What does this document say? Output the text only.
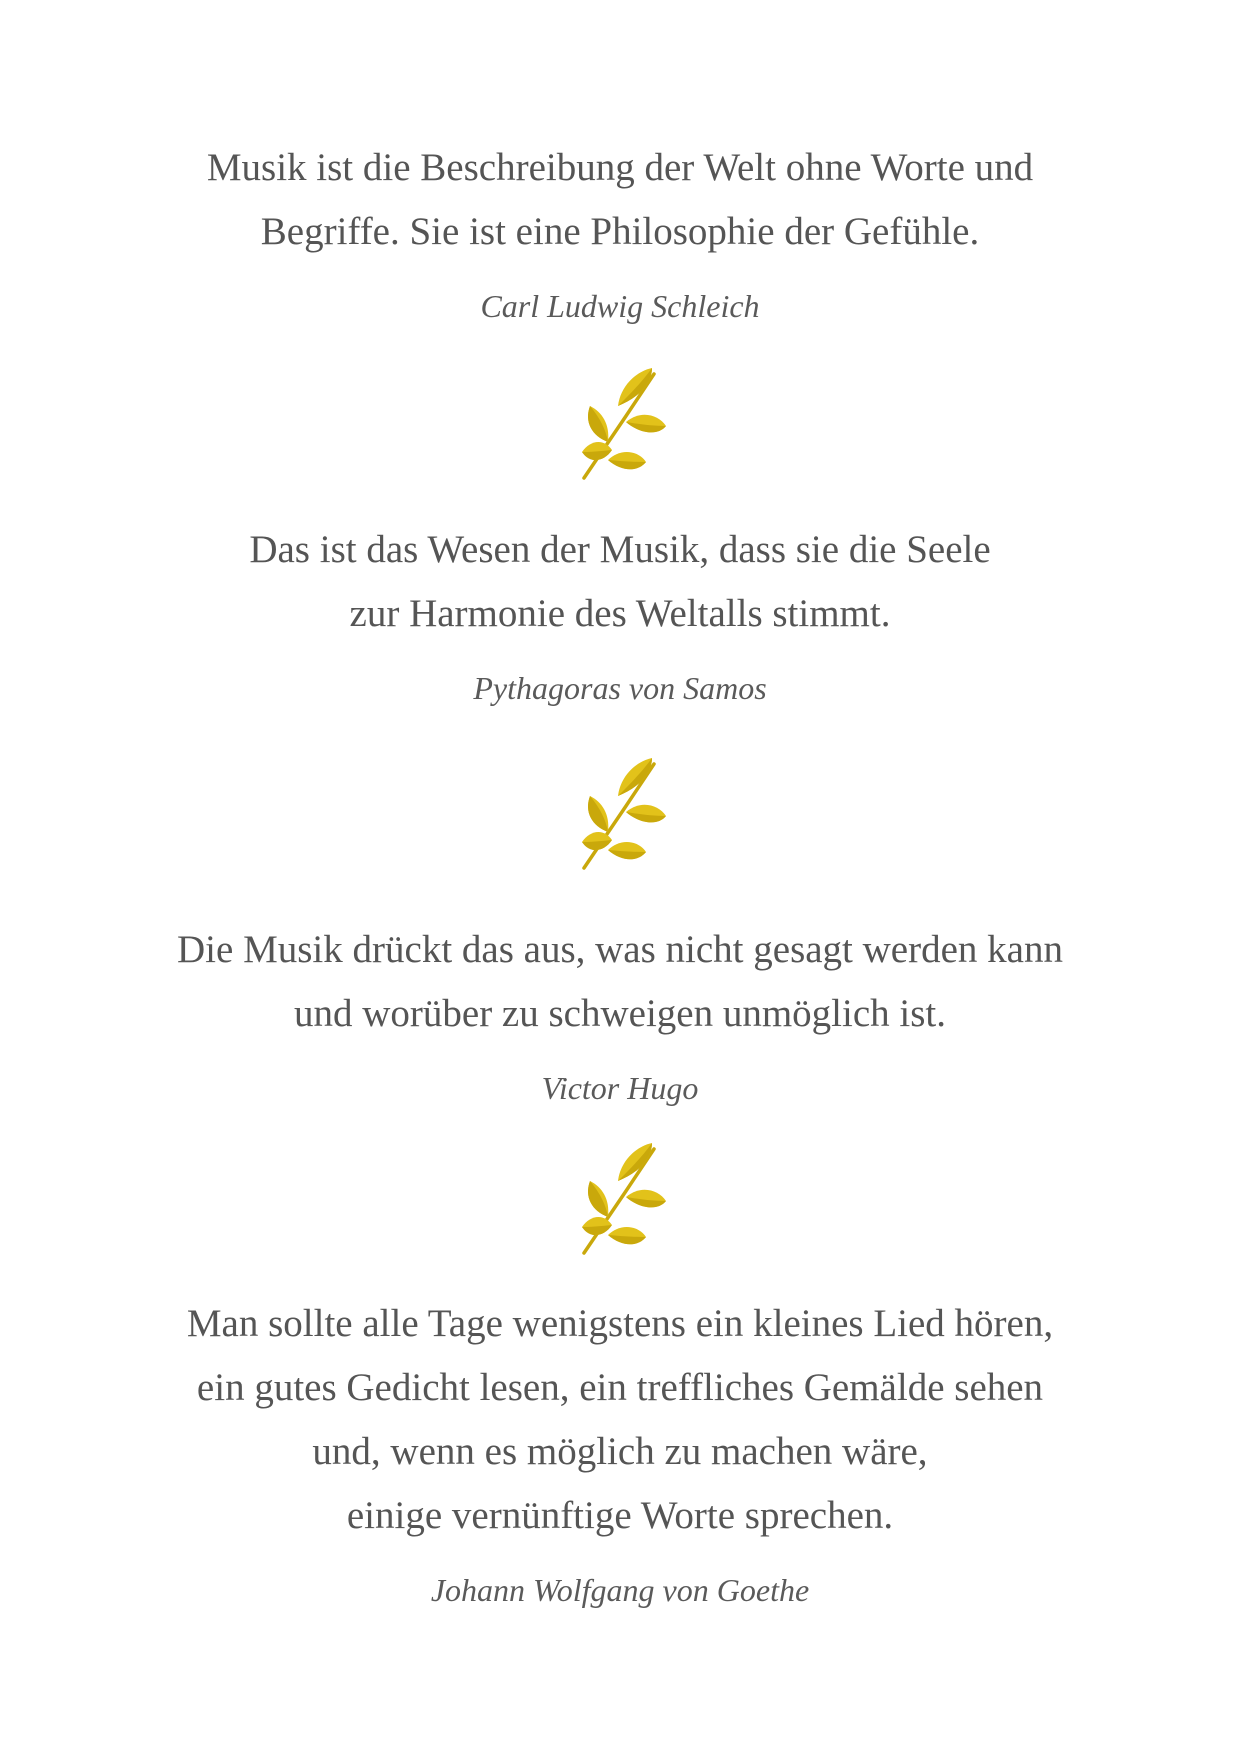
Musik ist die Beschreibung der Welt ohne Worte und
Begriffe. Sie ist eine Philosophie der Gefühle.

Carl Ludwig Schleich

Das ist das Wesen der Musik, dass sie die Seele
zur Harmonie des Weltalls stimmt.

Pythagoras von Samos

Die Musik drückt das aus, was nicht gesagt werden kann
und worüber zu schweigen unmöglich ist.

Victor Hugo

Man sollte alle Tage wenigstens ein kleines Lied hören,
ein gutes Gedicht lesen, ein treffliches Gemälde sehen
und, wenn es möglich zu machen wäre,
einige vernünftige Worte sprechen.

Johann Wolfgang von Goethe
